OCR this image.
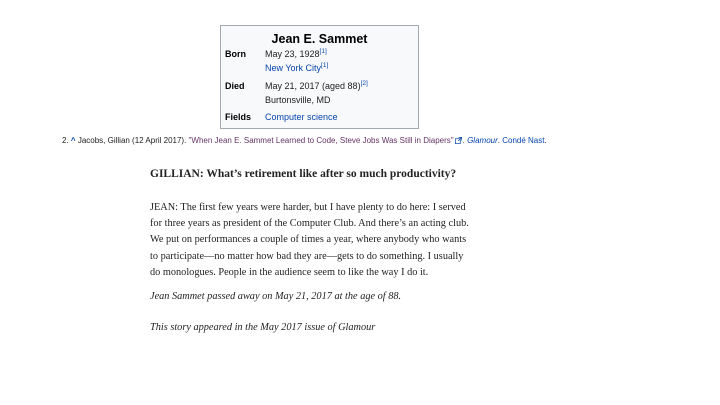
Jean E. Sammet
Born May 23, 1928[1]
New York City[1]
Died May 21, 2017 (aged 88)[2]
Burtonsville, MD
Fields Computer science
2. ^ Jacobs, Gillian (12 April 2017). "When Jean E. Sammet Learned to Code, Steve Jobs Was Still in Diapers" . Glamour. Condé Nast.
GILLIAN: What’s retirement like after so much productivity?
JEAN: The first few years were harder, but I have plenty to do here: I served
for three years as president of the Computer Club. And there’s an acting club.
We put on performances a couple of times a year, where anybody who wants
to participate—no matter how bad they are—gets to do something. I usually
do monologues. People in the audience seem to like the way I do it.
Jean Sammet passed away on May 21, 2017 at the age of 88.
This story appeared in the May 2017 issue of Glamour
